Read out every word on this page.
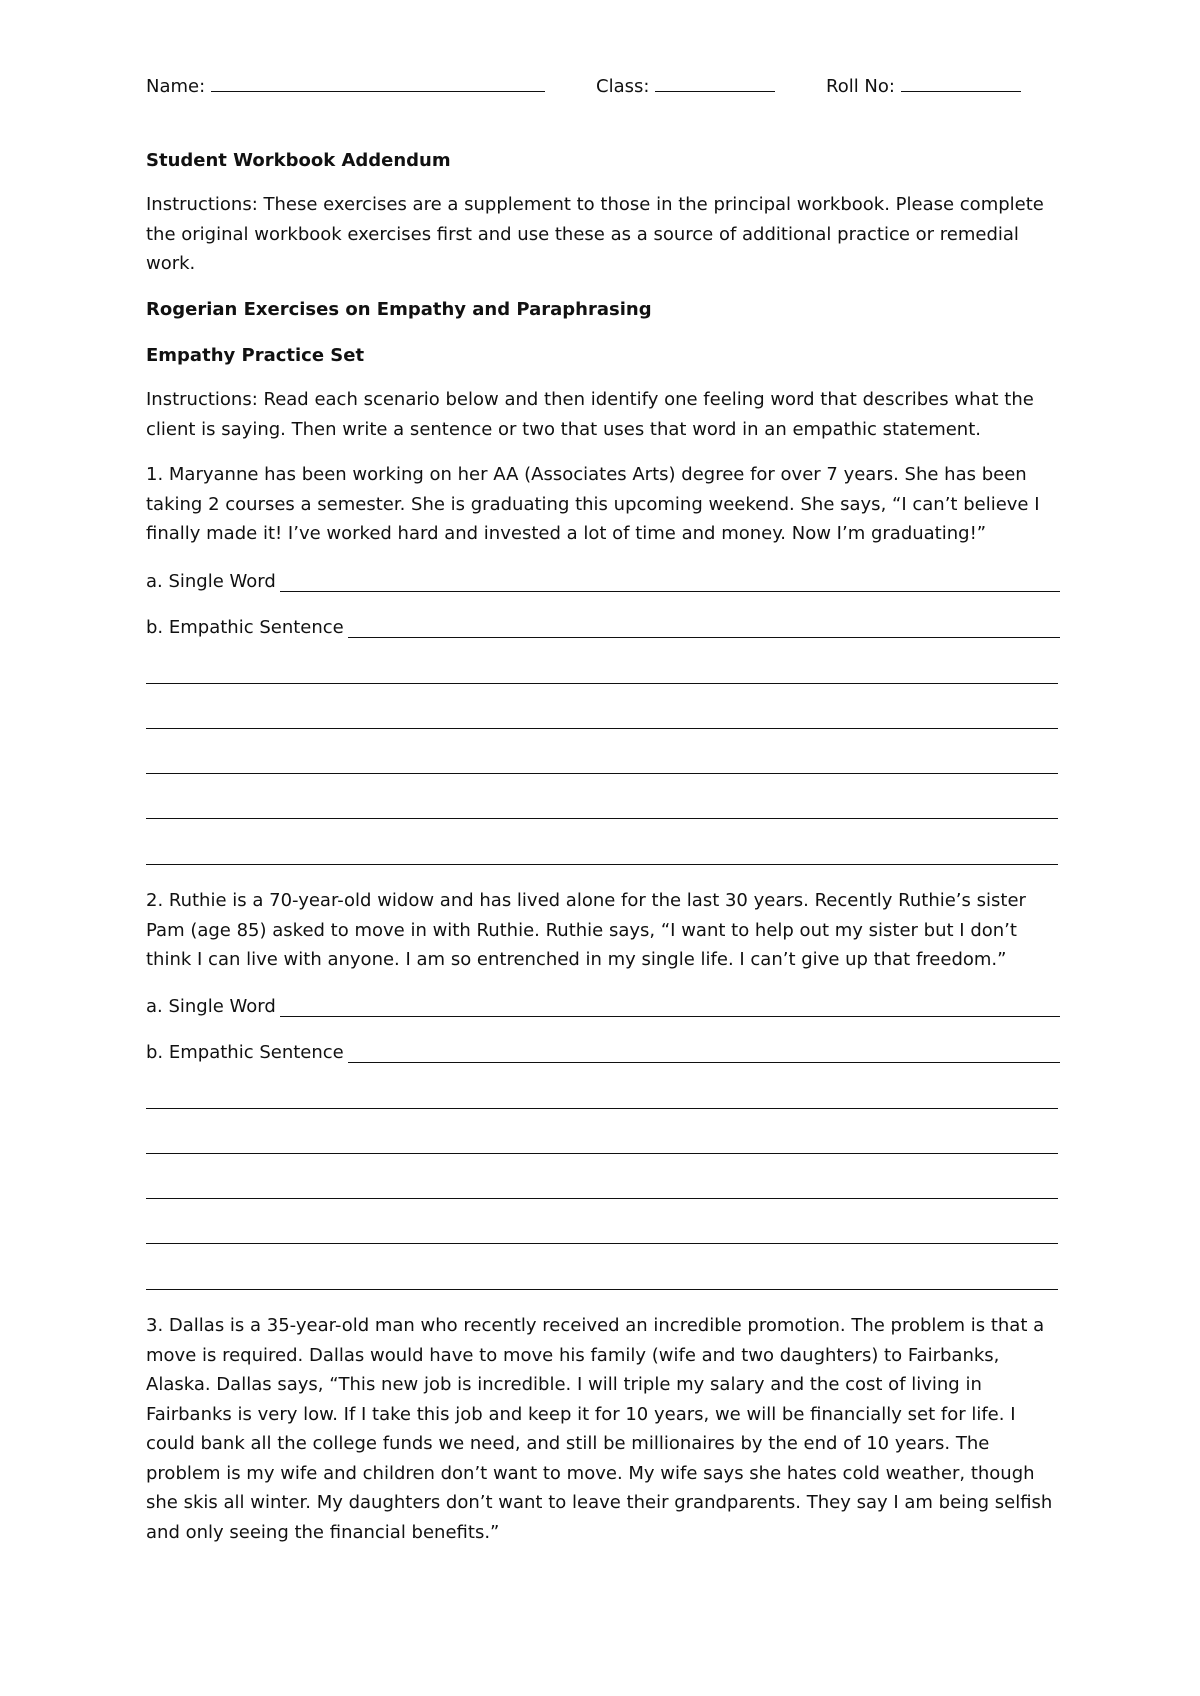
Name:	Class:	Roll No:
Student Workbook Addendum
Instructions: These exercises are a supplement to those in the principal workbook. Please complete the original workbook exercises first and use these as a source of additional practice or remedial work.
Rogerian Exercises on Empathy and Paraphrasing
Empathy Practice Set
Instructions: Read each scenario below and then identify one feeling word that describes what the client is saying. Then write a sentence or two that uses that word in an empathic statement.
1. Maryanne has been working on her AA (Associates Arts) degree for over 7 years. She has been taking 2 courses a semester. She is graduating this upcoming weekend. She says, “I can’t believe I finally made it! I’ve worked hard and invested a lot of time and money. Now I’m graduating!”
a. Single Word
b. Empathic Sentence
2. Ruthie is a 70-year-old widow and has lived alone for the last 30 years. Recently Ruthie’s sister Pam (age 85) asked to move in with Ruthie. Ruthie says, “I want to help out my sister but I don’t think I can live with anyone. I am so entrenched in my single life. I can’t give up that freedom.”
a. Single Word
b. Empathic Sentence
3. Dallas is a 35-year-old man who recently received an incredible promotion. The problem is that a move is required. Dallas would have to move his family (wife and two daughters) to Fairbanks, Alaska. Dallas says, “This new job is incredible. I will triple my salary and the cost of living in Fairbanks is very low. If I take this job and keep it for 10 years, we will be financially set for life. I could bank all the college funds we need, and still be millionaires by the end of 10 years. The problem is my wife and children don’t want to move. My wife says she hates cold weather, though she skis all winter. My daughters don’t want to leave their grandparents. They say I am being selfish and only seeing the financial benefits.”
